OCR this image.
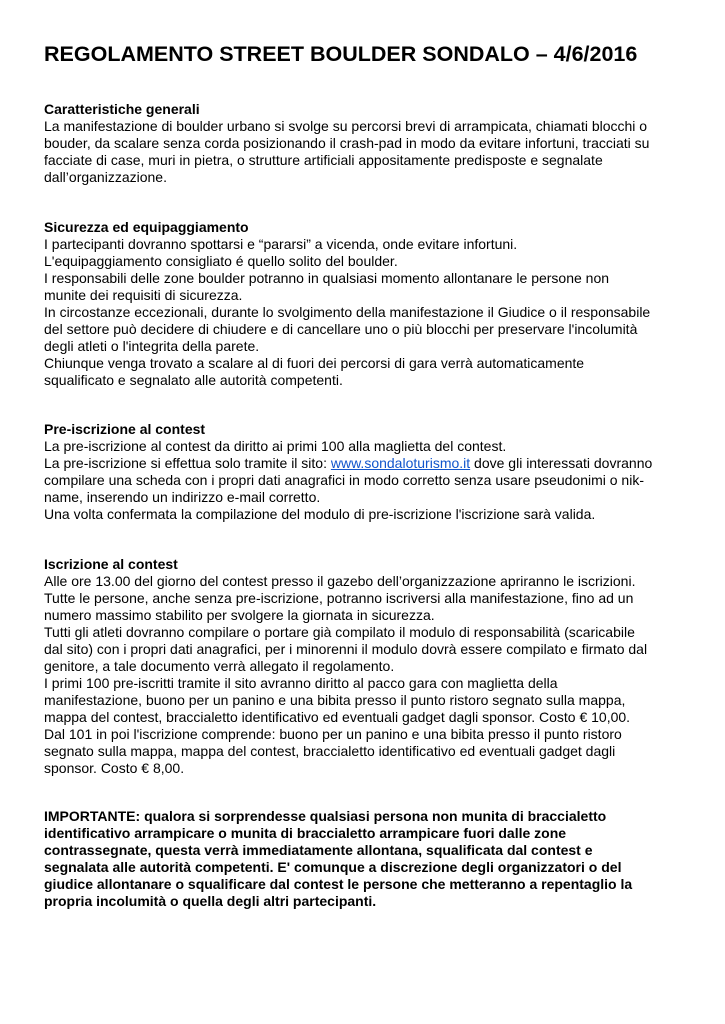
REGOLAMENTO STREET BOULDER SONDALO – 4/6/2016

Caratteristiche generali

La manifestazione di boulder urbano si svolge su percorsi brevi di arrampicata, chiamati blocchi o

bouder, da scalare senza corda posizionando il crash-pad in modo da evitare infortuni, tracciati su

facciate di case, muri in pietra, o strutture artificiali appositamente predisposte e segnalate

dall’organizzazione.

Sicurezza ed equipaggiamento

I partecipanti dovranno spottarsi e “pararsi” a vicenda, onde evitare infortuni.

L'equipaggiamento consigliato é quello solito del boulder.

I responsabili delle zone boulder potranno in qualsiasi momento allontanare le persone non

munite dei requisiti di sicurezza.

In circostanze eccezionali, durante lo svolgimento della manifestazione il Giudice o il responsabile

del settore può decidere di chiudere e di cancellare uno o più blocchi per preservare l'incolumità

degli atleti o l'integrita della parete.

Chiunque venga trovato a scalare al di fuori dei percorsi di gara verrà automaticamente

squalificato e segnalato alle autorità competenti.

Pre-iscrizione al contest

La pre-iscrizione al contest da diritto ai primi 100 alla maglietta del contest.

La pre-iscrizione si effettua solo tramite il sito: www.sondaloturismo.it dove gli interessati dovranno

compilare una scheda con i propri dati anagrafici in modo corretto senza usare pseudonimi o nik-

name, inserendo un indirizzo e-mail corretto.

Una volta confermata la compilazione del modulo di pre-iscrizione l'iscrizione sarà valida.

Iscrizione al contest

Alle ore 13.00 del giorno del contest presso il gazebo dell’organizzazione apriranno le iscrizioni.

Tutte le persone, anche senza pre-iscrizione, potranno iscriversi alla manifestazione, fino ad un

numero massimo stabilito per svolgere la giornata in sicurezza.

Tutti gli atleti dovranno compilare o portare già compilato il modulo di responsabilità (scaricabile

dal sito) con i propri dati anagrafici, per i minorenni il modulo dovrà essere compilato e firmato dal

genitore, a tale documento verrà allegato il regolamento.

I primi 100 pre-iscritti tramite il sito avranno diritto al pacco gara con maglietta della

manifestazione, buono per un panino e una bibita presso il punto ristoro segnato sulla mappa,

mappa del contest, braccialetto identificativo ed eventuali gadget dagli sponsor. Costo € 10,00.

Dal 101 in poi l'iscrizione comprende: buono per un panino e una bibita presso il punto ristoro

segnato sulla mappa, mappa del contest, braccialetto identificativo ed eventuali gadget dagli

sponsor. Costo € 8,00.

IMPORTANTE: qualora si sorprendesse qualsiasi persona non munita di braccialetto

identificativo arrampicare o munita di braccialetto arrampicare fuori dalle zone

contrassegnate, questa verrà immediatamente allontana, squalificata dal contest e

segnalata alle autorità competenti. E' comunque a discrezione degli organizzatori o del

giudice allontanare o squalificare dal contest le persone che metteranno a repentaglio la

propria incolumità o quella degli altri partecipanti.
